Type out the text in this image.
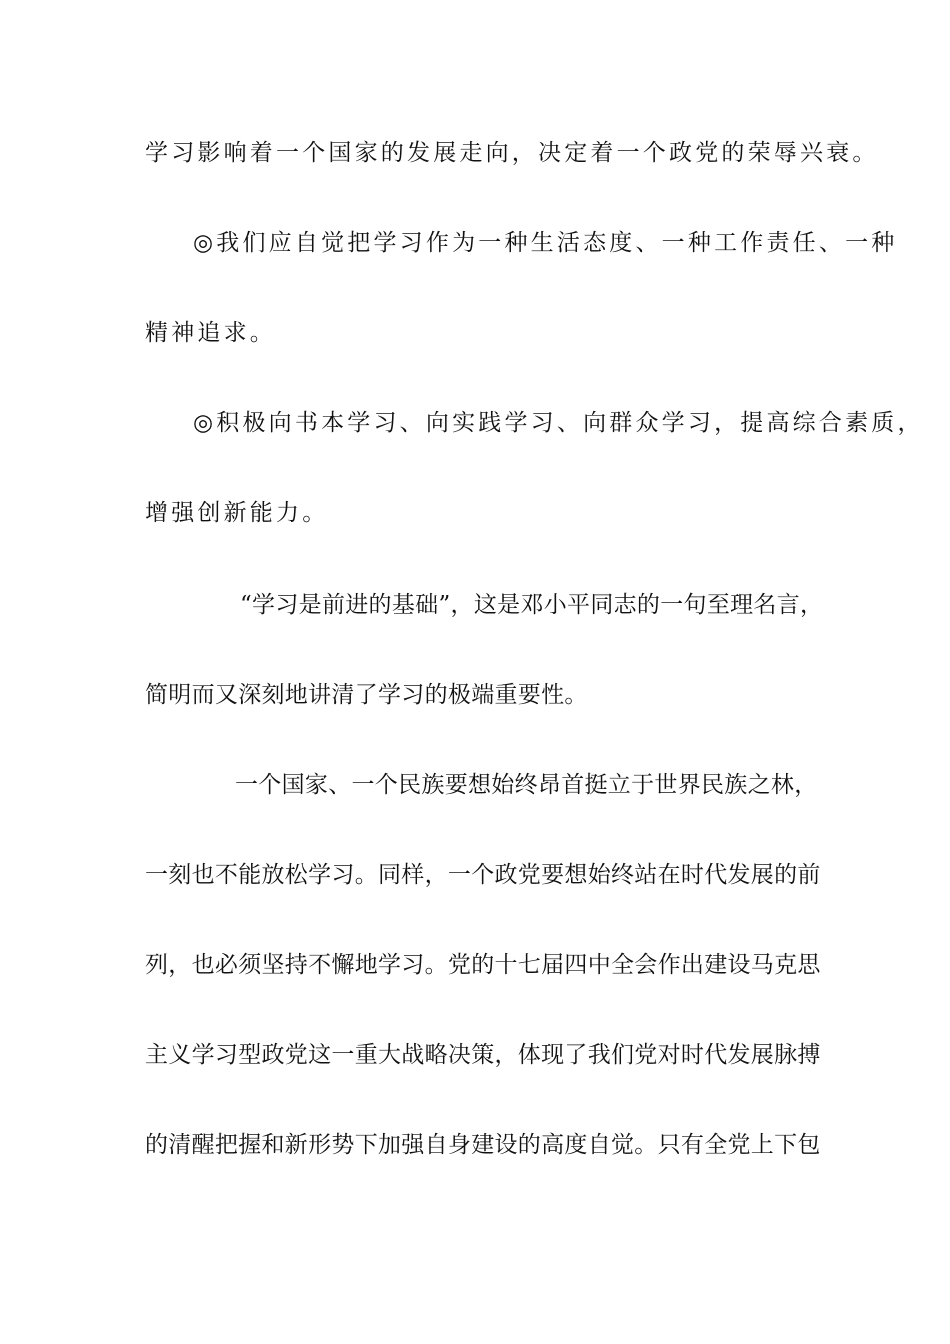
学习影响着一个国家的发展走向，决定着一个政党的荣辱兴衰。
◎我们应自觉把学习作为一种生活态度、一种工作责任、一种
精神追求。
◎积极向书本学习、向实践学习、向群众学习，提高综合素质，
增强创新能力。
“学习是前进的基础”，这是邓小平同志的一句至理名言，
简明而又深刻地讲清了学习的极端重要性。
一个国家、一个民族要想始终昂首挺立于世界民族之林，
一刻也不能放松学习。同样，一个政党要想始终站在时代发展的前
列，也必须坚持不懈地学习。党的十七届四中全会作出建设马克思
主义学习型政党这一重大战略决策，体现了我们党对时代发展脉搏
的清醒把握和新形势下加强自身建设的高度自觉。只有全党上下包
